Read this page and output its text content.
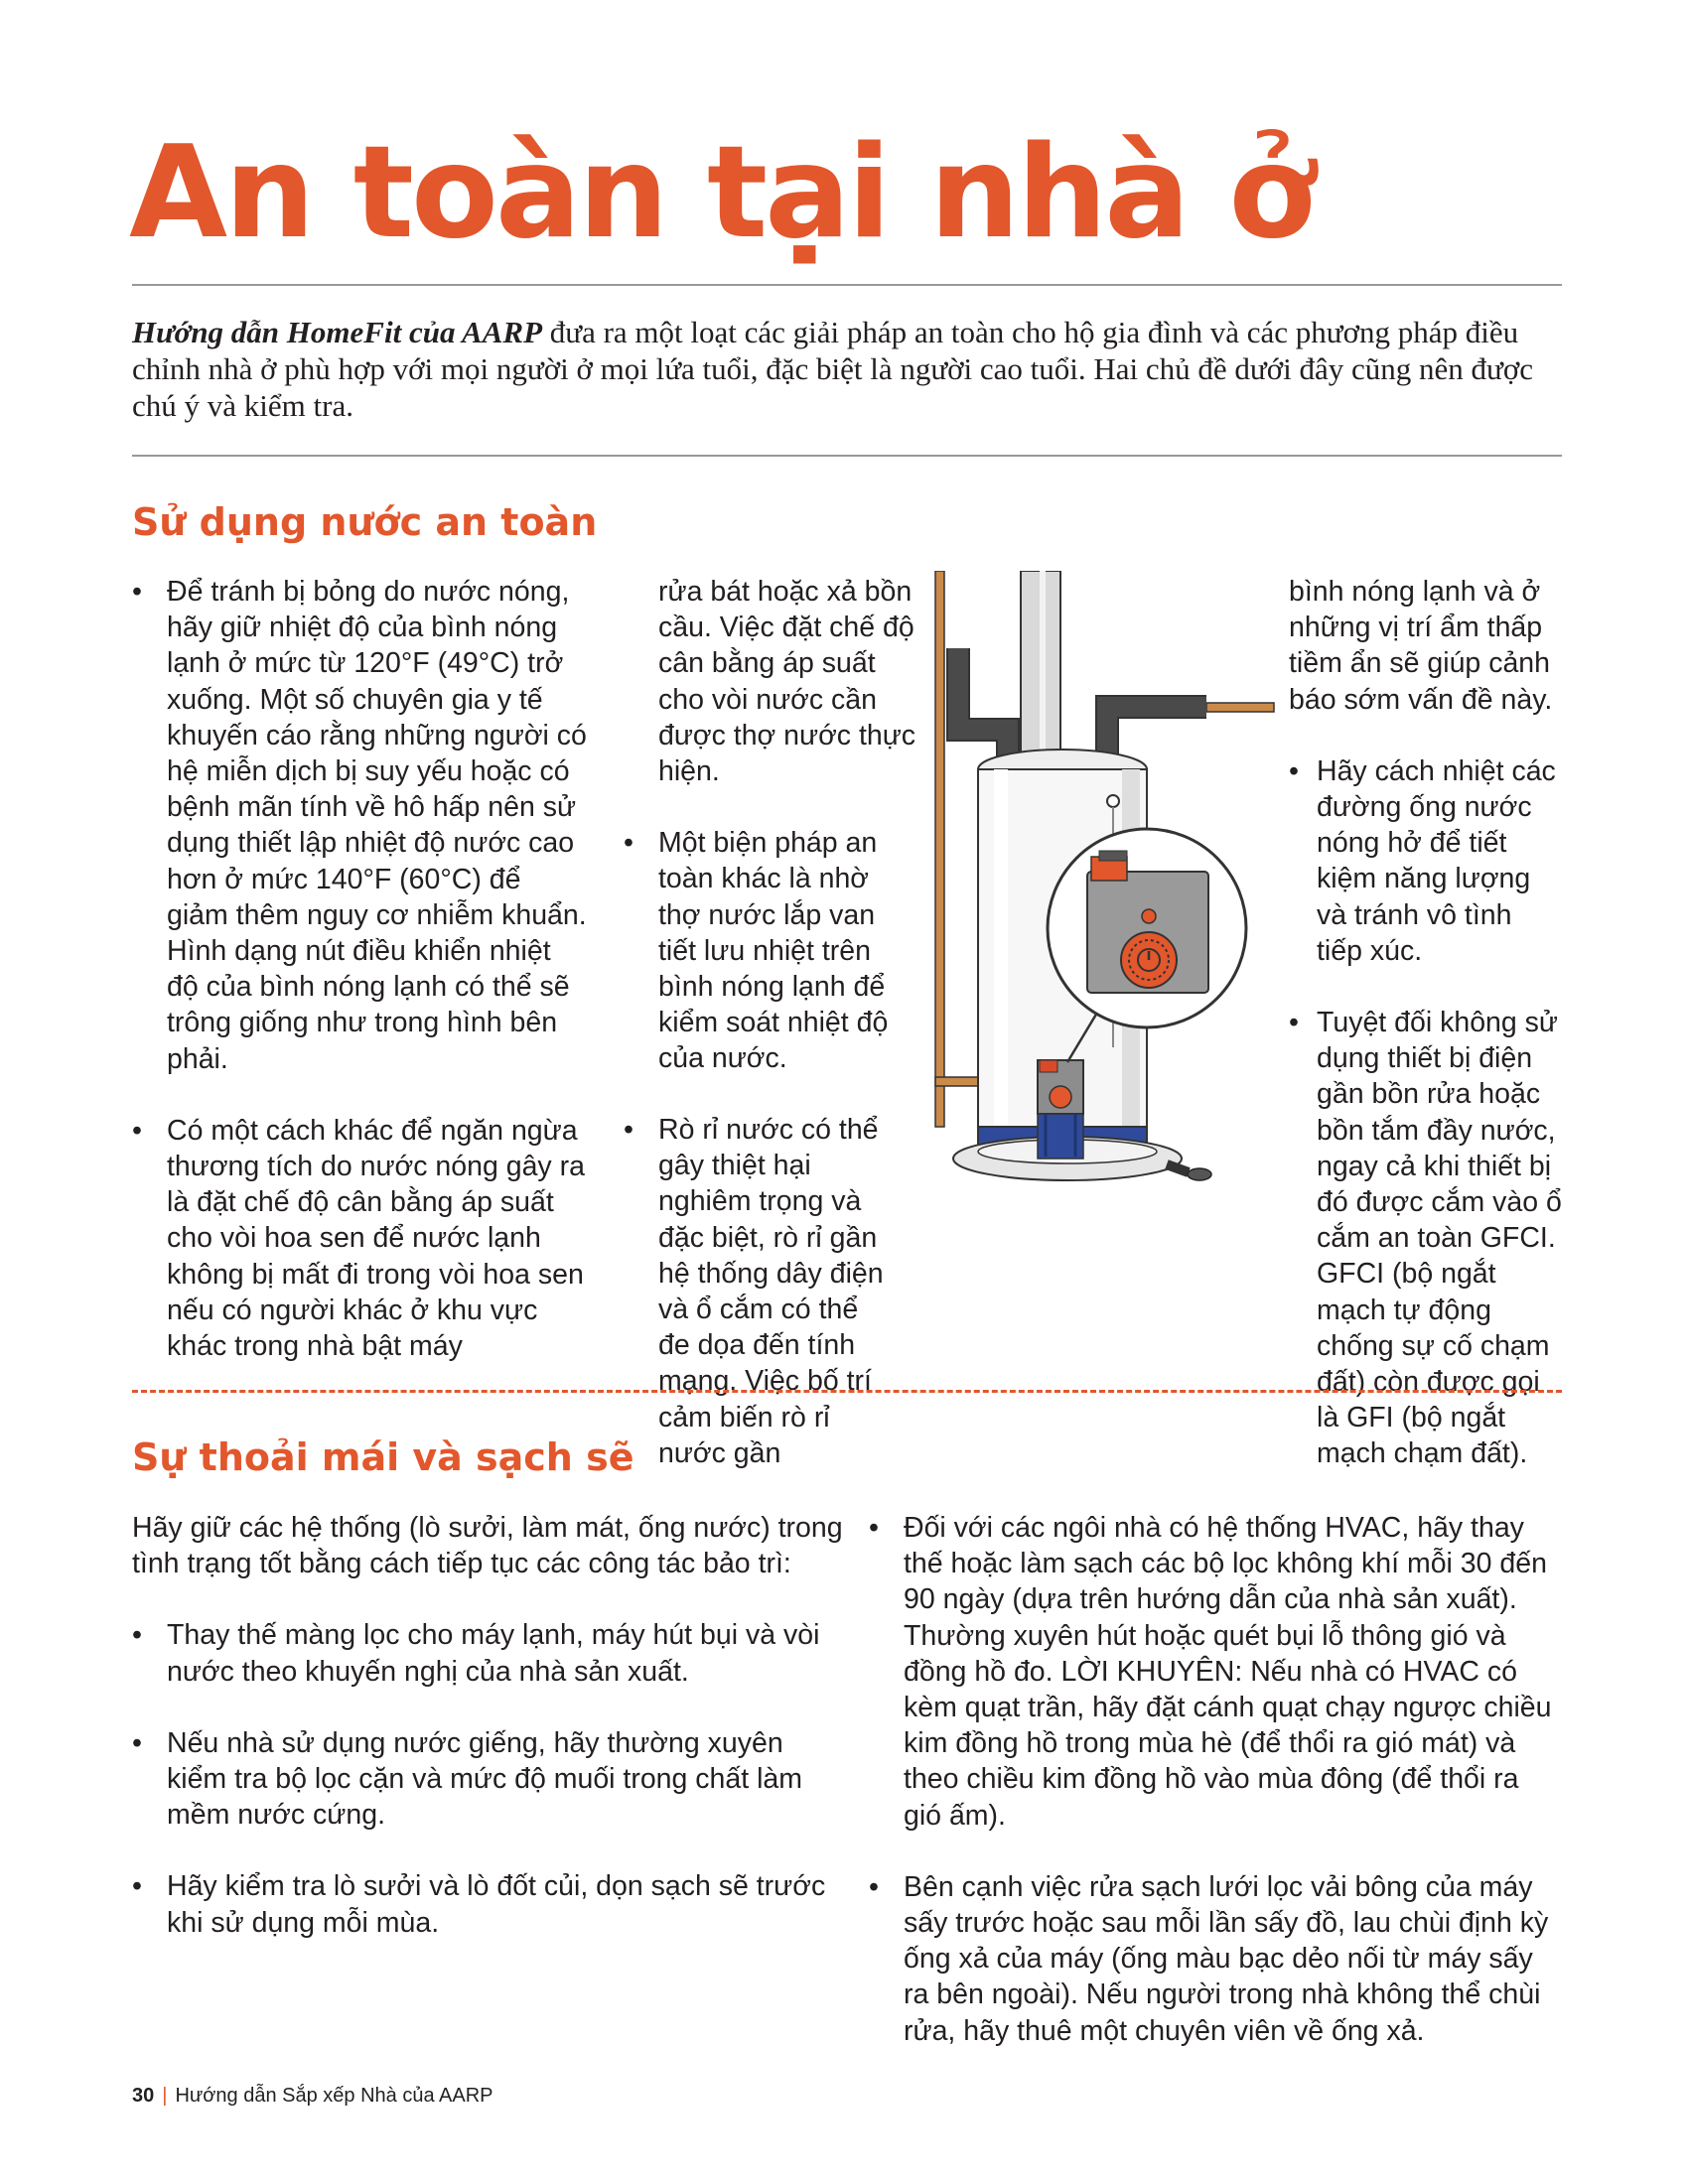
An toàn tại nhà ở

Hướng dẫn HomeFit của AARP đưa ra một loạt các giải pháp an toàn cho hộ gia đình và các phương pháp điều chỉnh nhà ở phù hợp với mọi người ở mọi lứa tuổi, đặc biệt là người cao tuổi. Hai chủ đề dưới đây cũng nên được chú ý và kiểm tra.

Sử dụng nước an toàn
• Để tránh bị bỏng do nước nóng, hãy giữ nhiệt độ của bình nóng lạnh ở mức từ 120°F (49°C) trở xuống. Một số chuyên gia y tế khuyến cáo rằng những người có hệ miễn dịch bị suy yếu hoặc có bệnh mãn tính về hô hấp nên sử dụng thiết lập nhiệt độ nước cao hơn ở mức 140°F (60°C) để giảm thêm nguy cơ nhiễm khuẩn. Hình dạng nút điều khiển nhiệt độ của bình nóng lạnh có thể sẽ trông giống như trong hình bên phải.
• Có một cách khác để ngăn ngừa thương tích do nước nóng gây ra là đặt chế độ cân bằng áp suất cho vòi hoa sen để nước lạnh không bị mất đi trong vòi hoa sen nếu có người khác ở khu vực khác trong nhà bật máy
rửa bát hoặc xả bồn cầu. Việc đặt chế độ cân bằng áp suất cho vòi nước cần được thợ nước thực hiện.
• Một biện pháp an toàn khác là nhờ thợ nước lắp van tiết lưu nhiệt trên bình nóng lạnh để kiểm soát nhiệt độ của nước.
• Rò rỉ nước có thể gây thiệt hại nghiêm trọng và đặc biệt, rò rỉ gần hệ thống dây điện và ổ cắm có thể đe dọa đến tính mạng. Việc bố trí cảm biến rò rỉ nước gần
bình nóng lạnh và ở những vị trí ẩm thấp tiềm ẩn sẽ giúp cảnh báo sớm vấn đề này.
• Hãy cách nhiệt các đường ống nước nóng hở để tiết kiệm năng lượng và tránh vô tình tiếp xúc.
• Tuyệt đối không sử dụng thiết bị điện gần bồn rửa hoặc bồn tắm đầy nước, ngay cả khi thiết bị đó được cắm vào ổ cắm an toàn GFCI. GFCI (bộ ngắt mạch tự động chống sự cố chạm đất) còn được gọi là GFI (bộ ngắt mạch chạm đất).
Sự thoải mái và sạch sẽ
Hãy giữ các hệ thống (lò sưởi, làm mát, ống nước) trong tình trạng tốt bằng cách tiếp tục các công tác bảo trì:
• Thay thế màng lọc cho máy lạnh, máy hút bụi và vòi nước theo khuyến nghị của nhà sản xuất.
• Nếu nhà sử dụng nước giếng, hãy thường xuyên kiểm tra bộ lọc cặn và mức độ muối trong chất làm mềm nước cứng.
• Hãy kiểm tra lò sưởi và lò đốt củi, dọn sạch sẽ trước khi sử dụng mỗi mùa.
• Đối với các ngôi nhà có hệ thống HVAC, hãy thay thế hoặc làm sạch các bộ lọc không khí mỗi 30 đến 90 ngày (dựa trên hướng dẫn của nhà sản xuất). Thường xuyên hút hoặc quét bụi lỗ thông gió và đồng hồ đo. LỜI KHUYÊN: Nếu nhà có HVAC có kèm quạt trần, hãy đặt cánh quạt chạy ngược chiều kim đồng hồ trong mùa hè (để thổi ra gió mát) và theo chiều kim đồng hồ vào mùa đông (để thổi ra gió ấm).
• Bên cạnh việc rửa sạch lưới lọc vải bông của máy sấy trước hoặc sau mỗi lần sấy đồ, lau chùi định kỳ ống xả của máy (ống màu bạc dẻo nối từ máy sấy ra bên ngoài). Nếu người trong nhà không thể chùi rửa, hãy thuê một chuyên viên về ống xả.
30 | Hướng dẫn Sắp xếp Nhà của AARP
